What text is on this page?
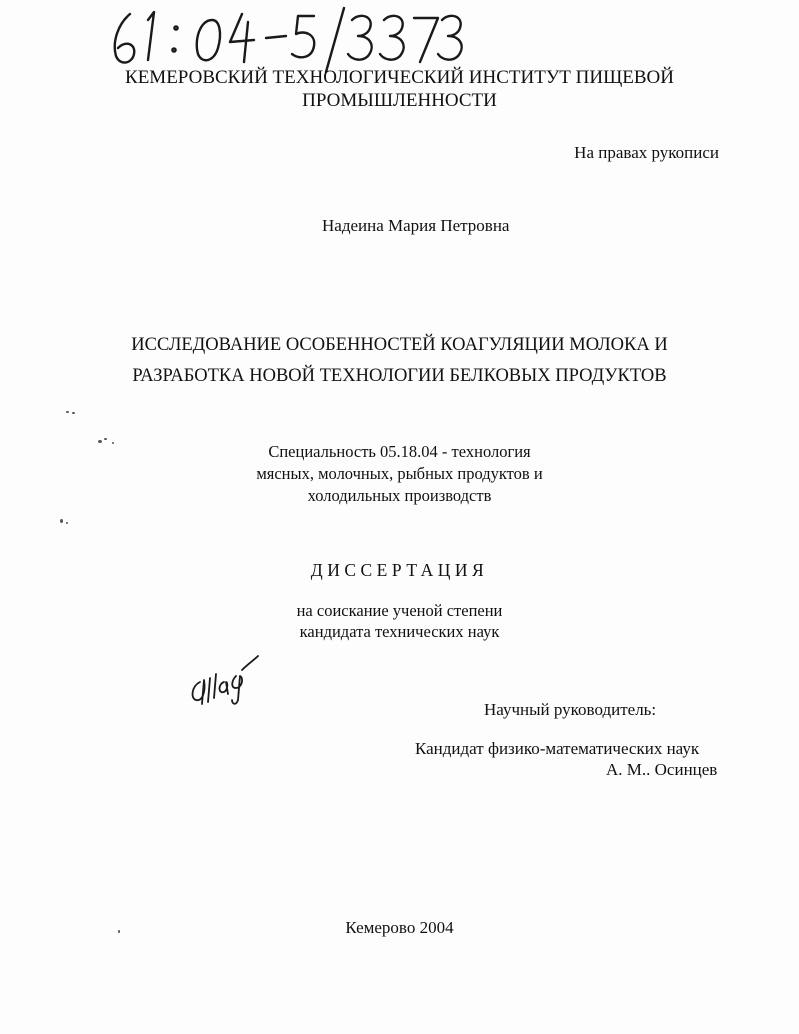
КЕМЕРОВСКИЙ ТЕХНОЛОГИЧЕСКИЙ ИНСТИТУТ ПИЩЕВОЙ
ПРОМЫШЛЕННОСТИ
На правах рукописи
Надеина Мария Петровна
ИССЛЕДОВАНИЕ ОСОБЕННОСТЕЙ КОАГУЛЯЦИИ МОЛОКА И
РАЗРАБОТКА НОВОЙ ТЕХНОЛОГИИ БЕЛКОВЫХ ПРОДУКТОВ
Специальность 05.18.04 - технология
мясных, молочных, рыбных продуктов и
холодильных производств
ДИССЕРТАЦИЯ
на соискание ученой степени
кандидата технических наук
Научный руководитель:
Кандидат физико-математических наук
А. М.. Осинцев
Кемерово 2004
